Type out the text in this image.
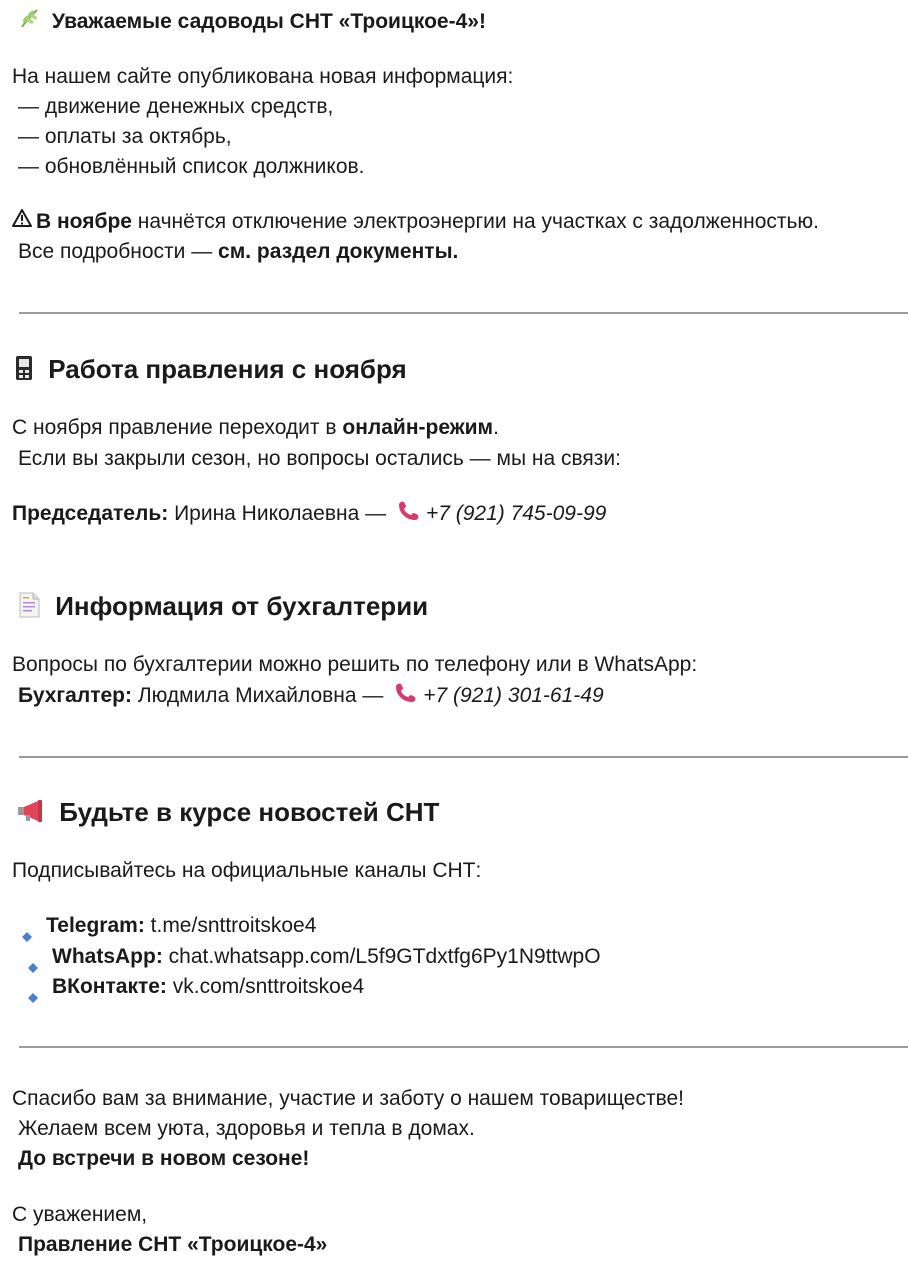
Уважаемые садоводы СНТ «Троицкое-4»!
На нашем сайте опубликована новая информация:
— движение денежных средств,
— оплаты за октябрь,
— обновлённый список должников.
В ноябре начнётся отключение электроэнергии на участках с задолженностью.
Все подробности — см. раздел документы.
Работа правления с ноября
С ноября правление переходит в онлайн-режим.
Если вы закрыли сезон, но вопросы остались — мы на связи:
Председатель: Ирина Николаевна — +7 (921) 745-09-99
Информация от бухгалтерии
Вопросы по бухгалтерии можно решить по телефону или в WhatsApp:
Бухгалтер: Людмила Михайловна — +7 (921) 301-61-49
Будьте в курсе новостей СНТ
Подписывайтесь на официальные каналы СНТ:
Telegram: t.me/snttroitskoe4
WhatsApp: chat.whatsapp.com/L5f9GTdxtfg6Py1N9ttwpO
ВКонтакте: vk.com/snttroitskoe4
Спасибо вам за внимание, участие и заботу о нашем товариществе!
Желаем всем уюта, здоровья и тепла в домах.
До встречи в новом сезоне!
С уважением,
Правление СНТ «Троицкое-4»
